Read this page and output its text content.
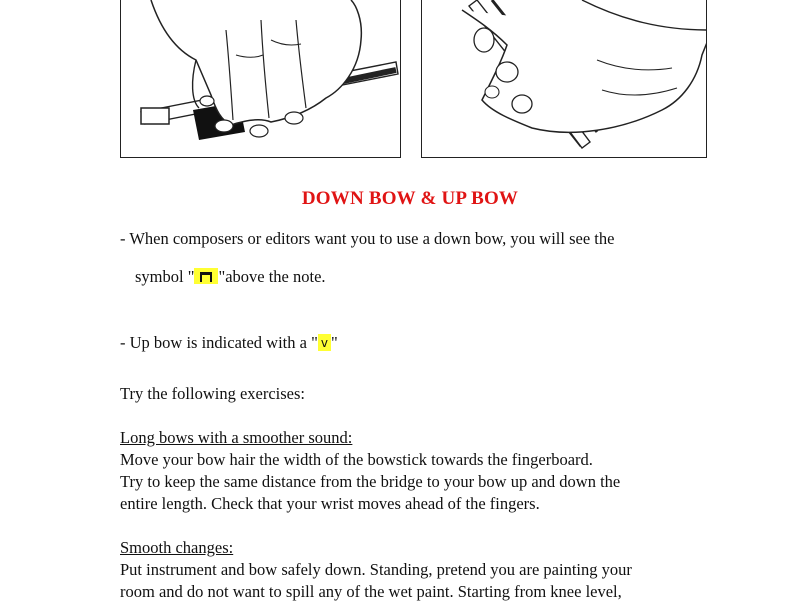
DOWN BOW & UP BOW
- When composers or editors want you to use a down bow, you will see the
symbol " "above the note.
- Up bow is indicated with a " v "
Try the following exercises:
Long bows with a smoother sound:
Move your bow hair the width of the bowstick towards the fingerboard.
Try to keep the same distance from the bridge to your bow up and down the
entire length. Check that your wrist moves ahead of the fingers.
Smooth changes:
Put instrument and bow safely down. Standing, pretend you are painting your
room and do not want to spill any of the wet paint. Starting from knee level,
